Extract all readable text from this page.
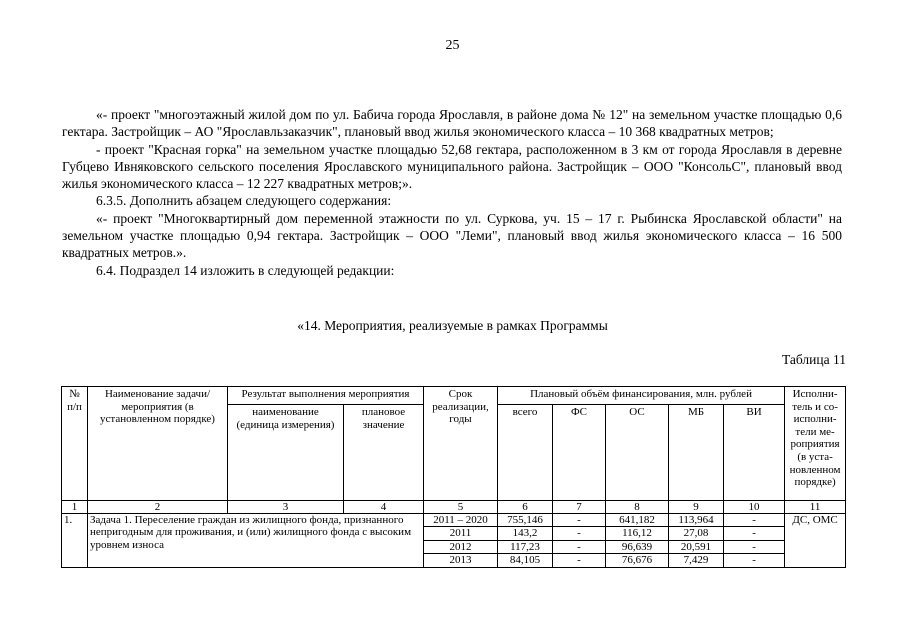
25

«- проект "многоэтажный жилой дом по ул. Бабича города Ярославля, в районе дома № 12" на земельном участке площадью 0,6 гектара. Застройщик – АО "Ярославльзаказчик", плановый ввод жилья экономического класса – 10 368 квадратных метров;

- проект "Красная горка" на земельном участке площадью 52,68 гектара, расположенном в 3 км от города Ярославля в деревне Губцево Ивняковского сельского поселения Ярославского муниципального района. Застройщик – ООО "КонсольС", плановый ввод жилья экономического класса – 12 227 квадратных метров;».

6.3.5. Дополнить абзацем следующего содержания:

«- проект "Многоквартирный дом переменной этажности по ул. Суркова, уч. 15 – 17 г. Рыбинска Ярославской области" на земельном участке площадью 0,94 гектара. Застройщик – ООО "Леми", плановый ввод жилья экономического класса – 16 500 квадратных метров.».

6.4. Подраздел 14 изложить в следующей редакции:

«14. Мероприятия, реализуемые в рамках Программы
Таблица 11
№ п/п	Наименование задачи/мероприятия (в установленном порядке)	Результат выполнения мероприятия		Срок реализации, годы	Плановый объём финансирования, млн. рублей					Исполни-тель и со-исполни-тели ме-роприятия (в уста-новленном порядке)
		наименование (единица измерения)	плановое значение		всего	ФС	ОС	МБ	ВИ	
1	2	3	4	5	6	7	8	9	10	11
1.	Задача 1. Переселение граждан из жилищного фонда, признанного непригодным для проживания, и (или) жилищного фонда с высоким уровнем износа			2011 – 2020	755,146	-	641,182	113,964	-	ДС, ОМС
				2011	143,2	-	116,12	27,08	-	
				2012	117,23	-	96,639	20,591	-	
				2013	84,105	-	76,676	7,429	-	
